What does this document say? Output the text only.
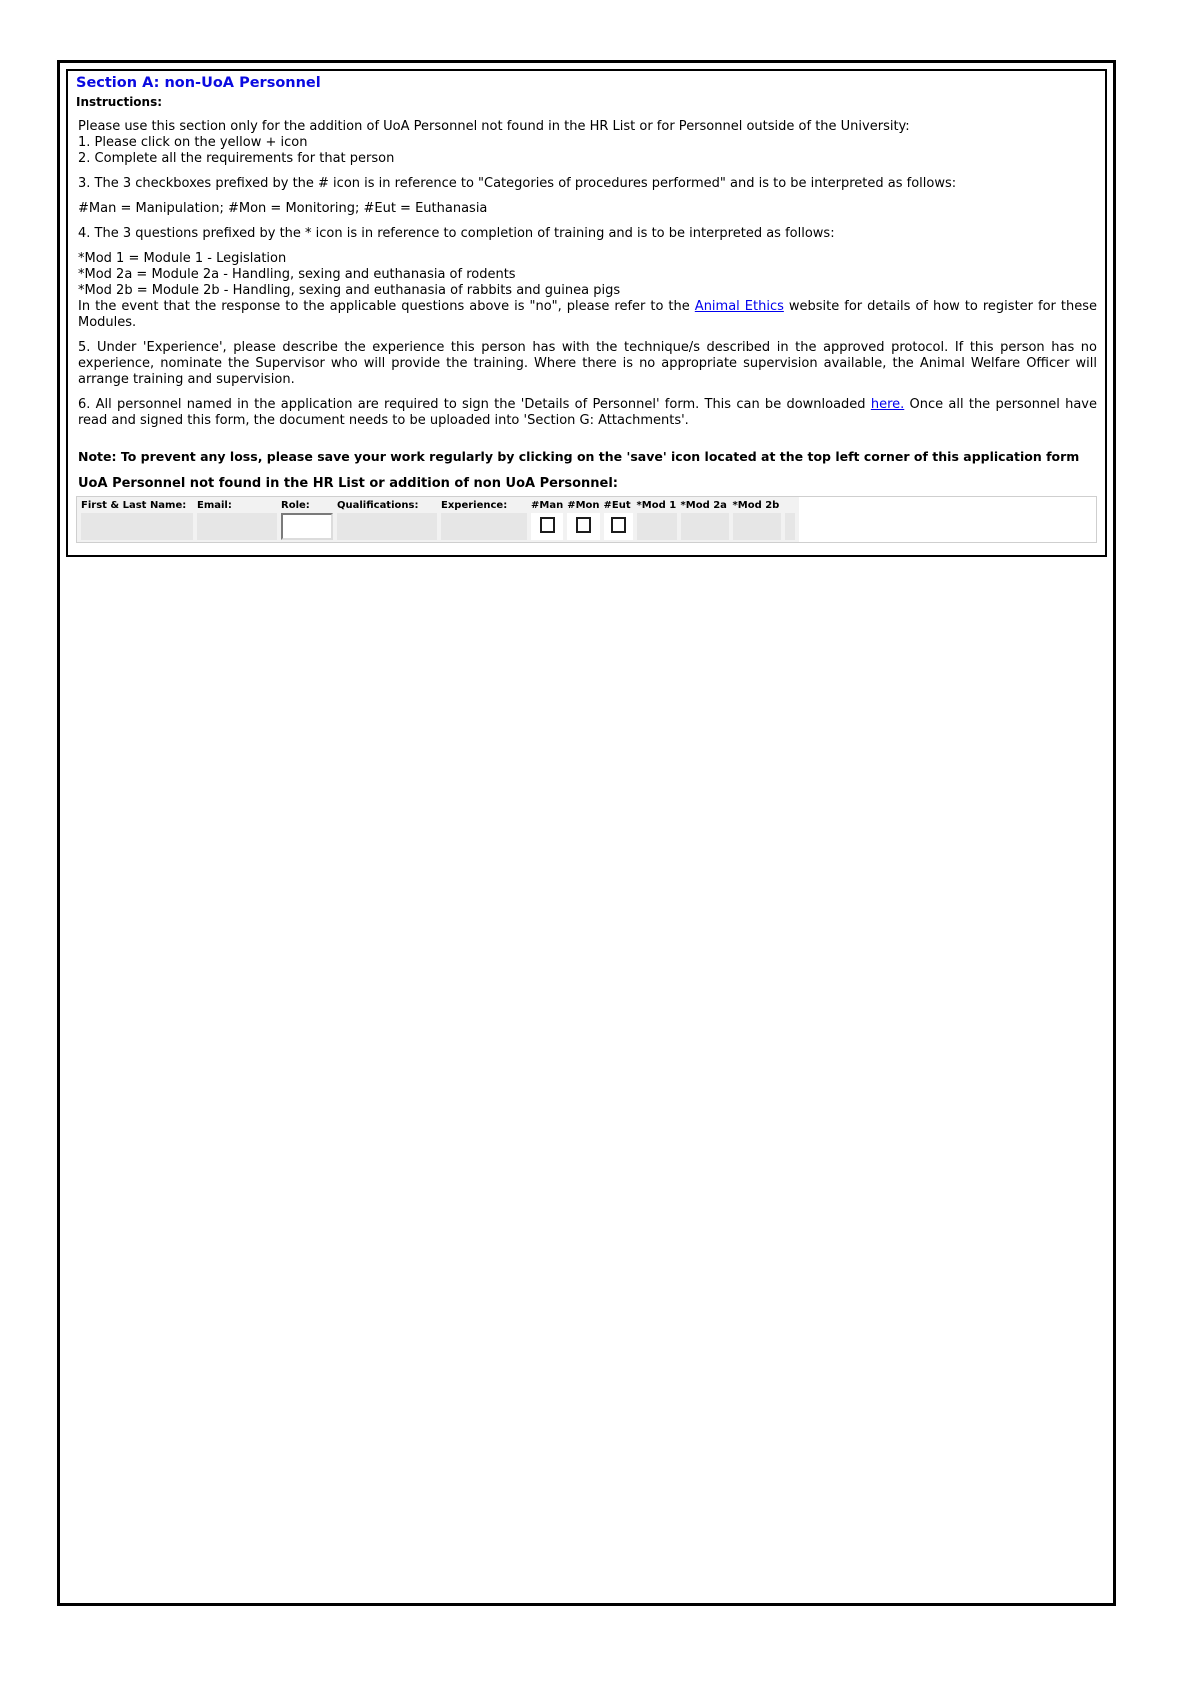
Section A: non-UoA Personnel
Instructions:

Please use this section only for the addition of UoA Personnel not found in the HR List or for Personnel outside of the University:
1. Please click on the yellow + icon
2. Complete all the requirements for that person

3. The 3 checkboxes prefixed by the # icon is in reference to "Categories of procedures performed" and is to be interpreted as follows:

#Man = Manipulation; #Mon = Monitoring; #Eut = Euthanasia

4. The 3 questions prefixed by the * icon is in reference to completion of training and is to be interpreted as follows:

*Mod 1 = Module 1 - Legislation
*Mod 2a = Module 2a - Handling, sexing and euthanasia of rodents
*Mod 2b = Module 2b - Handling, sexing and euthanasia of rabbits and guinea pigs
In the event that the response to the applicable questions above is "no", please refer to the Animal Ethics website for details of how to register for these Modules.

5. Under 'Experience', please describe the experience this person has with the technique/s described in the approved protocol. If this person has no experience, nominate the Supervisor who will provide the training. Where there is no appropriate supervision available, the Animal Welfare Officer will arrange training and supervision.

6. All personnel named in the application are required to sign the 'Details of Personnel' form. This can be downloaded here. Once all the personnel have read and signed this form, the document needs to be uploaded into 'Section G: Attachments'.

Note: To prevent any loss, please save your work regularly by clicking on the 'save' icon located at the top left corner of this application form

UoA Personnel not found in the HR List or addition of non UoA Personnel:

First & Last Name:	Email:	Role:	Qualifications:	Experience:	#Man	#Mon	#Eut	*Mod 1	*Mod 2a	*Mod 2b	
